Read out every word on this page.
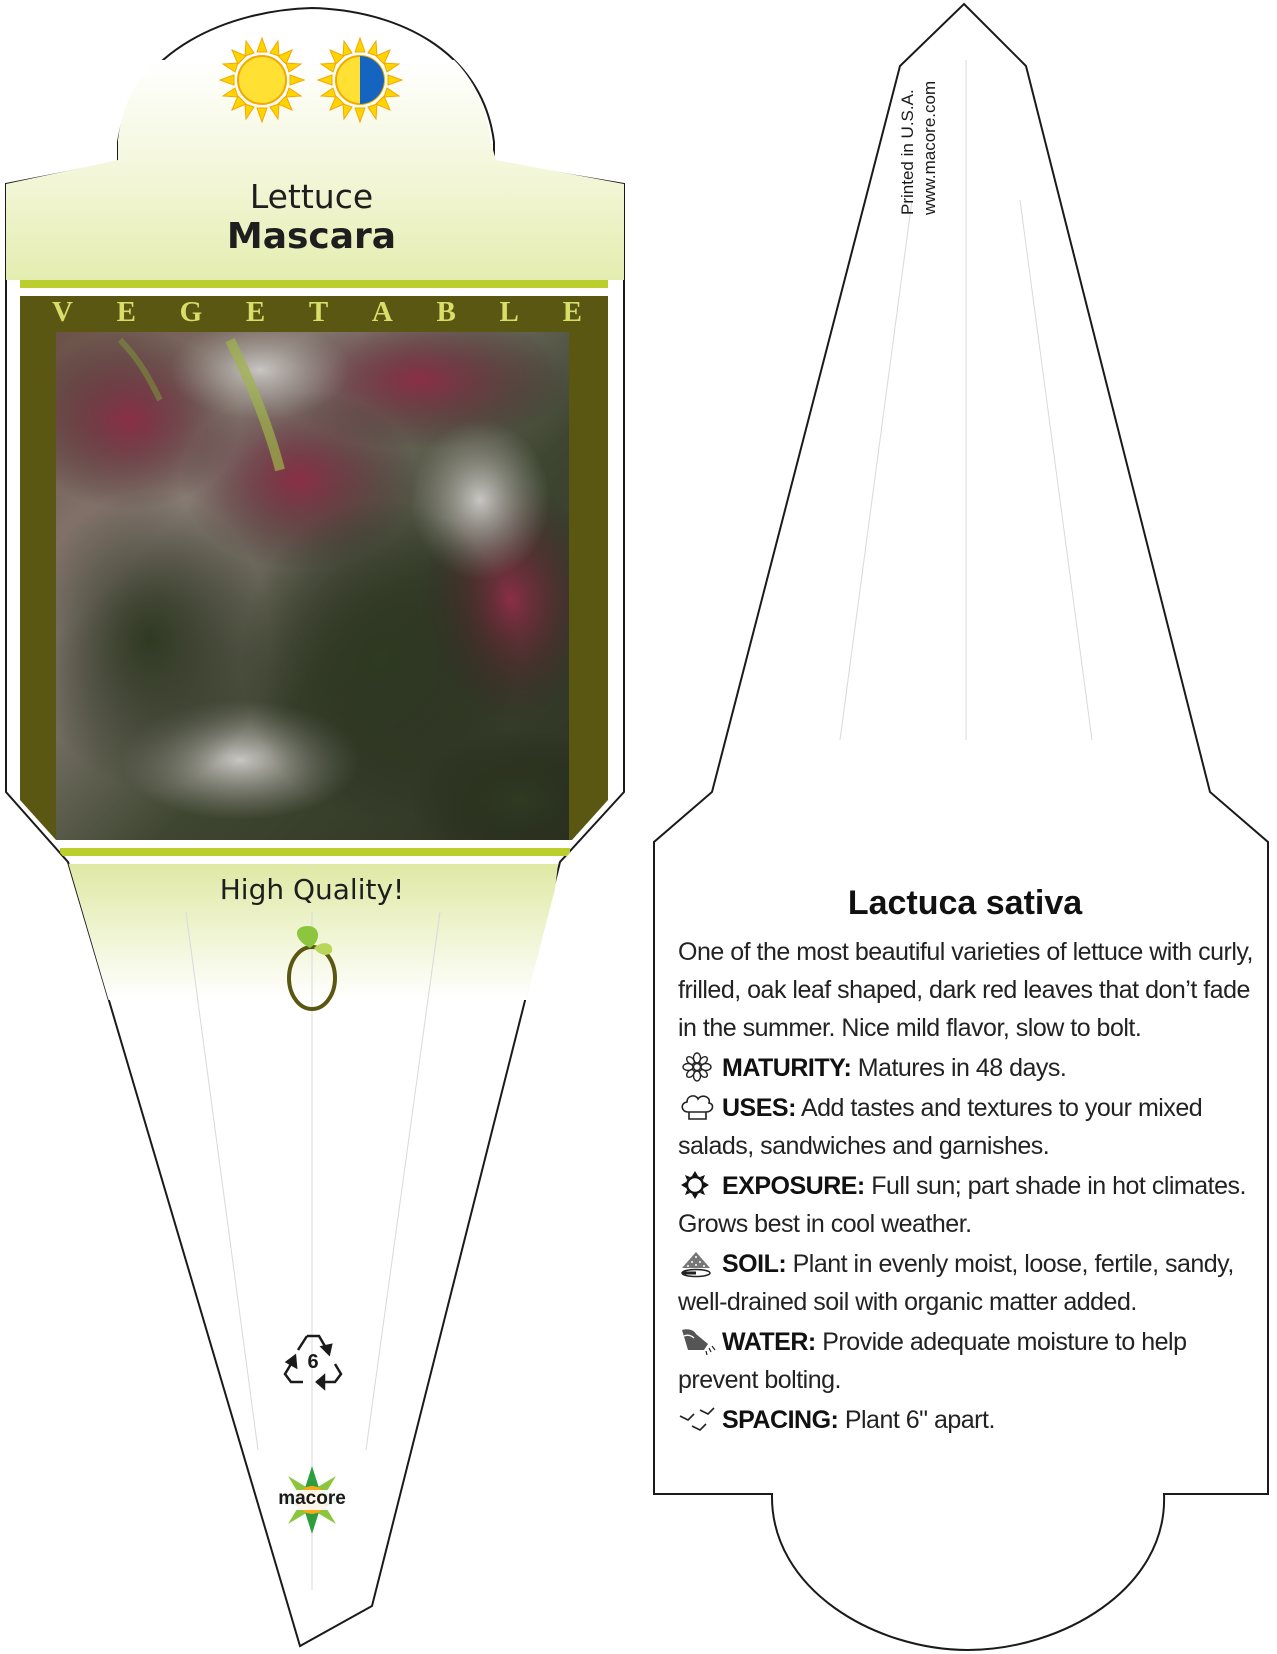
Lettuce
Mascara
V E G E T A B L E
High Quality!
6
macore
Printed in U.S.A. www.macore.com
Lactuca sativa
One of the most beautiful varieties of lettuce with curly, frilled, oak leaf shaped, dark red leaves that don’t fade in the summer. Nice mild flavor, slow to bolt.
MATURITY: Matures in 48 days.
USES: Add tastes and textures to your mixed salads, sandwiches and garnishes.
EXPOSURE: Full sun; part shade in hot climates. Grows best in cool weather.
SOIL: Plant in evenly moist, loose, fertile, sandy, well-drained soil with organic matter added.
WATER: Provide adequate moisture to help prevent bolting.
SPACING: Plant 6" apart.
